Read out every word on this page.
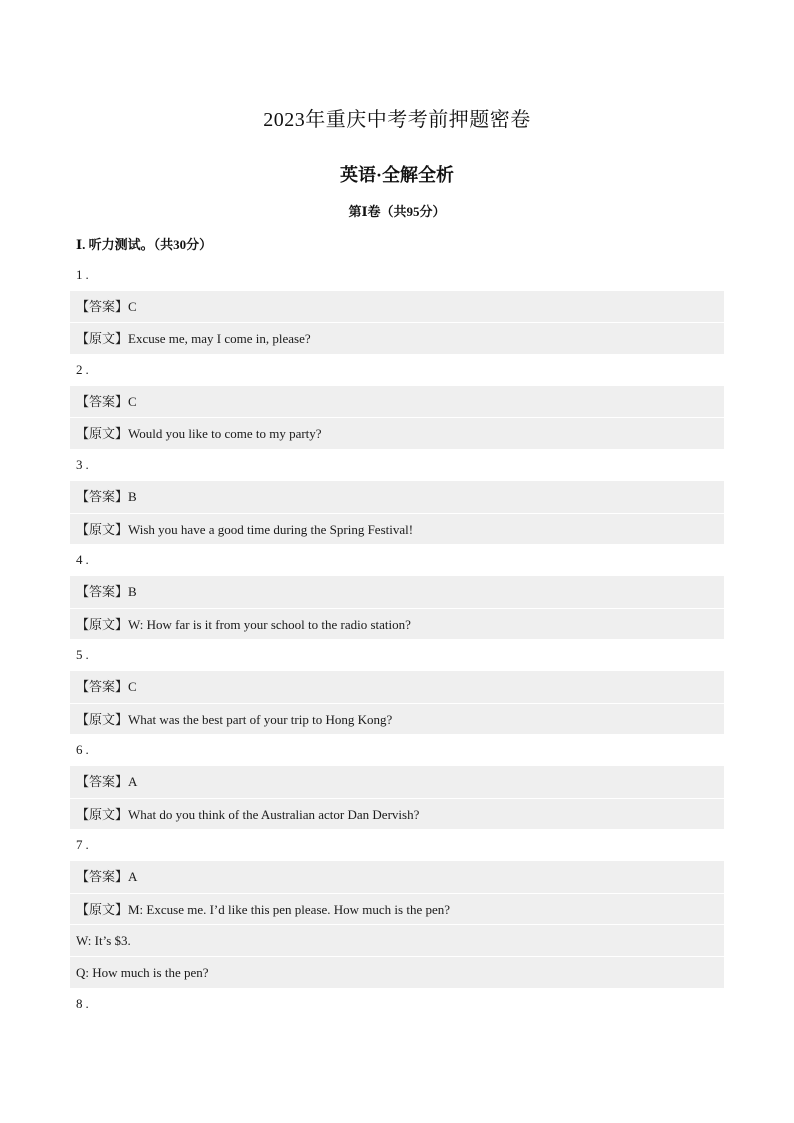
2023年重庆中考考前押题密卷
英语·全解全析
第Ⅰ卷（共95分）
Ⅰ. 听力测试。（共30分）
1.
【答案】C
【原文】Excuse me, may I come in, please?
2.
【答案】C
【原文】Would you like to come to my party?
3.
【答案】B
【原文】Wish you have a good time during the Spring Festival!
4.
【答案】B
【原文】W: How far is it from your school to the radio station?
5.
【答案】C
【原文】What was the best part of your trip to Hong Kong?
6.
【答案】A
【原文】What do you think of the Australian actor Dan Dervish?
7.
【答案】A
【原文】M: Excuse me. I’d like this pen please. How much is the pen?
W: It’s $3.
Q: How much is the pen?
8.
